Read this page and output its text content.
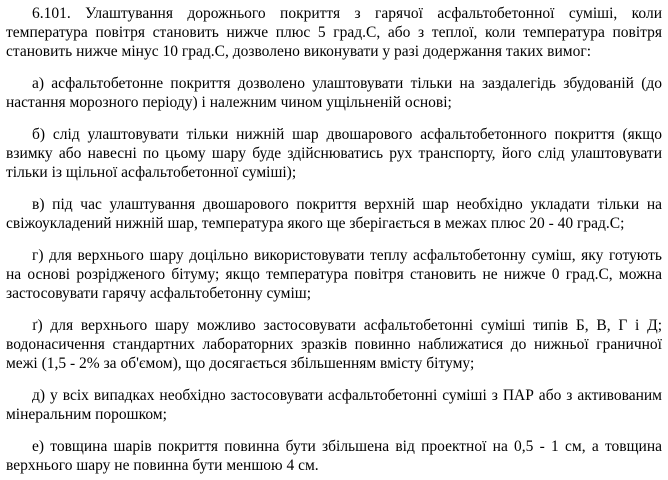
6.101. Улаштування дорожнього покриття з гарячої асфальтобетонної суміші, коли температура повітря становить нижче плюс 5 град.С, або з теплої, коли температура повітря становить нижче мінус 10 град.С, дозволено виконувати у разі додержання таких вимог:

а) асфальтобетонне покриття дозволено улаштовувати тільки на заздалегідь збудованій (до настання морозного періоду) і належним чином ущільненій основі;

б) слід улаштовувати тільки нижній шар двошарового асфальтобетонного покриття (якщо взимку або навесні по цьому шару буде здійснюватись рух транспорту, його слід улаштовувати тільки із щільної асфальтобетонної суміші);

в) під час улаштування двошарового покриття верхній шар необхідно укладати тільки на свіжоукладений нижній шар, температура якого ще зберігається в межах плюс 20 - 40 град.С;

г) для верхнього шару доцільно використовувати теплу асфальтобетонну суміш, яку готують на основі розрідженого бітуму; якщо температура повітря становить не нижче 0 град.С, можна застосовувати гарячу асфальтобетонну суміш;

ґ) для верхнього шару можливо застосовувати асфальтобетонні суміші типів Б, В, Г і Д; водонасичення стандартних лабораторних зразків повинно наближатися до нижньої граничної межі (1,5 - 2% за об'ємом), що досягається збільшенням вмісту бітуму;

д) у всіх випадках необхідно застосовувати асфальтобетонні суміші з ПАР або з активованим мінеральним порошком;

е) товщина шарів покриття повинна бути збільшена від проектної на 0,5 - 1 см, а товщина верхнього шару не повинна бути меншою 4 см.
